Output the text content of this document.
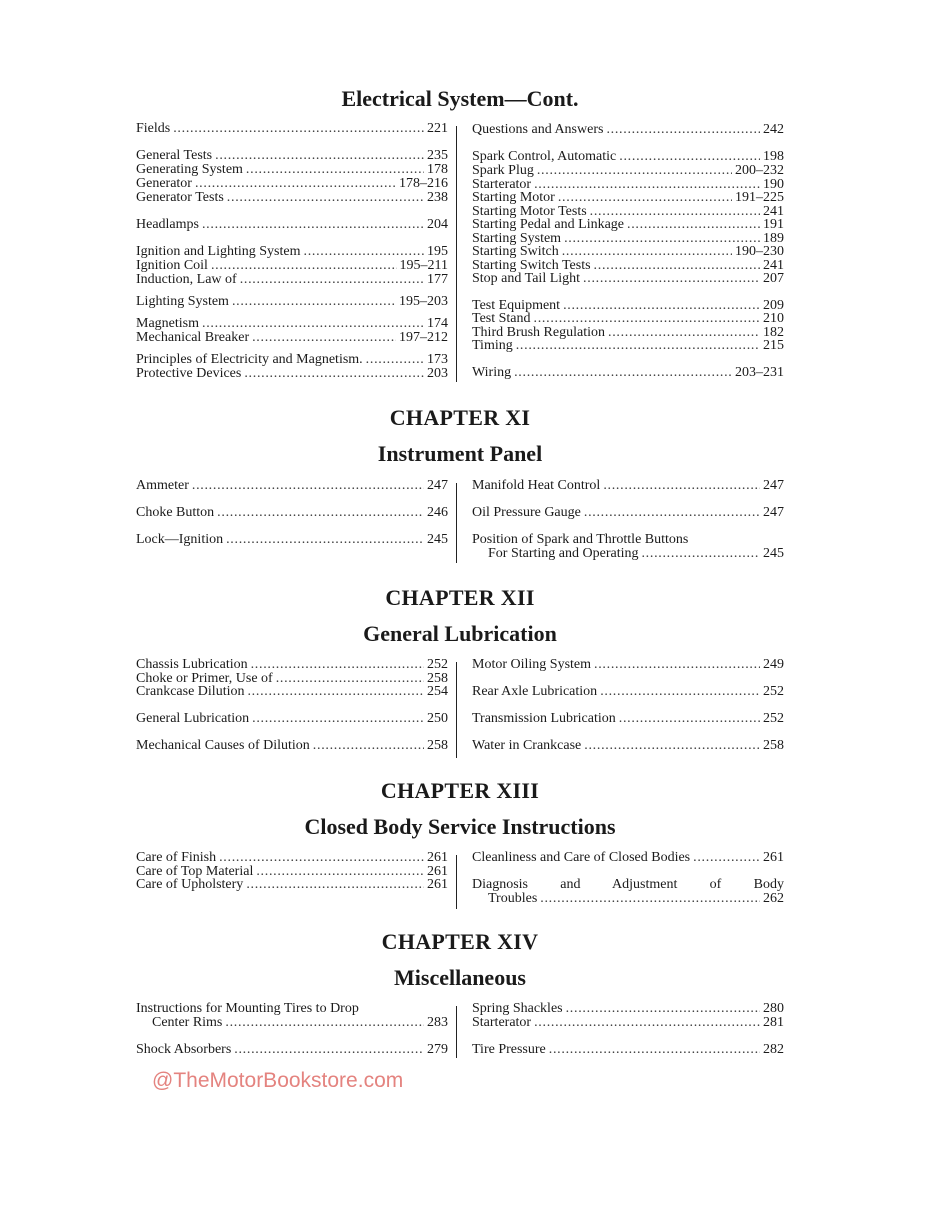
Electrical System—Cont.
Fields . . .	221
General Tests . . .	235
Generating System . . .	178
Generator . . .	178–216
Generator Tests . . .	238
Headlamps . . .	204
Ignition and Lighting System . . .	195
Ignition Coil . . .	195–211
Induction, Law of . . .	177
Lighting System . . .	195–203
Magnetism . . .	174
Mechanical Breaker . . .	197–212
Principles of Electricity and Magnetism. . . .	173
Protective Devices . . .	203
Questions and Answers . . .	242
Spark Control, Automatic . . .	198
Spark Plug . . .	200–232
Starterator . . .	190
Starting Motor . . .	191–225
Starting Motor Tests . . .	241
Starting Pedal and Linkage . . .	191
Starting System . . .	189
Starting Switch . . .	190–230
Starting Switch Tests . . .	241
Stop and Tail Light . . .	207
Test Equipment . . .	209
Test Stand . . .	210
Third Brush Regulation . . .	182
Timing . . .	215
Wiring . . .	203–231
CHAPTER XI
Instrument Panel
Ammeter . . .	247
Choke Button . . .	246
Lock—Ignition . . .	245
Manifold Heat Control . . .	247
Oil Pressure Gauge . . .	247
Position of Spark and Throttle Buttons
For Starting and Operating . . .	245
CHAPTER XII
General Lubrication
Chassis Lubrication . . .	252
Choke or Primer, Use of . . .	258
Crankcase Dilution . . .	254
General Lubrication . . .	250
Mechanical Causes of Dilution . . .	258
Motor Oiling System . . .	249
Rear Axle Lubrication . . .	252
Transmission Lubrication . . .	252
Water in Crankcase . . .	258
CHAPTER XIII
Closed Body Service Instructions
Care of Finish . . .	261
Care of Top Material . . .	261
Care of Upholstery . . .	261
Cleanliness and Care of Closed Bodies . . .	261
Diagnosis and Adjustment of Body
Troubles . . .	262
CHAPTER XIV
Miscellaneous
Instructions for Mounting Tires to Drop
Center Rims . . .	283
Shock Absorbers . . .	279
Spring Shackles . . .	280
Starterator . . .	281
Tire Pressure . . .	282
@TheMotorBookstore.com
